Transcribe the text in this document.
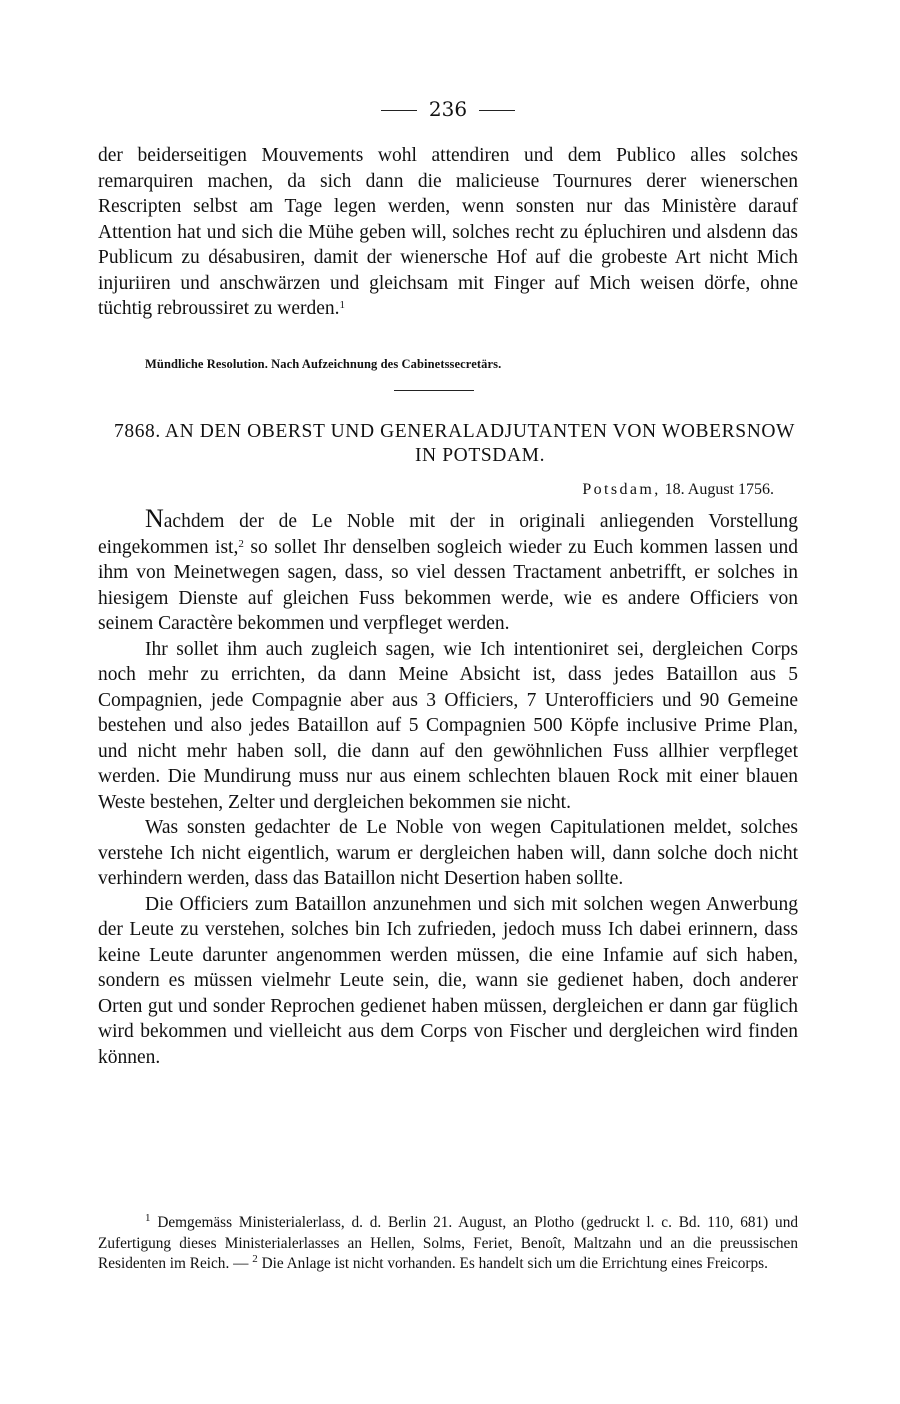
236

der beiderseitigen Mouvements wohl attendiren und dem Publico alles solches remarquiren machen, da sich dann die malicieuse Tournures derer wienerschen Rescripten selbst am Tage legen werden, wenn sonsten nur das Ministère darauf Attention hat und sich die Mühe geben will, solches recht zu épluchiren und alsdenn das Publicum zu désabusiren, damit der wienersche Hof auf die grobeste Art nicht Mich injuriiren und anschwärzen und gleichsam mit Finger auf Mich weisen dörfe, ohne tüchtig rebroussiret zu werden.$^1$

Mündliche Resolution. Nach Aufzeichnung des Cabinetssecretärs.
7868. AN DEN OBERST UND GENERALADJUTANTEN VON WOBERSNOW IN POTSDAM.
Potsdam, 18. August 1756.

Nachdem der de Le Noble mit der in originali anliegenden Vorstellung eingekommen ist,$^2$ so sollet Ihr denselben sogleich wieder zu Euch kommen lassen und ihm von Meinetwegen sagen, dass, so viel dessen Tractament anbetrifft, er solches in hiesigem Dienste auf gleichen Fuss bekommen werde, wie es andere Officiers von seinem Caractère bekommen und verpfleget werden.

Ihr sollet ihm auch zugleich sagen, wie Ich intentioniret sei, dergleichen Corps noch mehr zu errichten, da dann Meine Absicht ist, dass jedes Bataillon aus 5 Compagnien, jede Compagnie aber aus 3 Officiers, 7 Unterofficiers und 90 Gemeine bestehen und also jedes Bataillon auf 5 Compagnien 500 Köpfe inclusive Prime Plan, und nicht mehr haben soll, die dann auf den gewöhnlichen Fuss allhier verpfleget werden. Die Mundirung muss nur aus einem schlechten blauen Rock mit einer blauen Weste bestehen, Zelter und dergleichen bekommen sie nicht.

Was sonsten gedachter de Le Noble von wegen Capitulationen meldet, solches verstehe Ich nicht eigentlich, warum er dergleichen haben will, dann solche doch nicht verhindern werden, dass das Bataillon nicht Desertion haben sollte.

Die Officiers zum Bataillon anzunehmen und sich mit solchen wegen Anwerbung der Leute zu verstehen, solches bin Ich zufrieden, jedoch muss Ich dabei erinnern, dass keine Leute darunter angenommen werden müssen, die eine Infamie auf sich haben, sondern es müssen vielmehr Leute sein, die, wann sie gedienet haben, doch anderer Orten gut und sonder Reprochen gedienet haben müssen, dergleichen er dann gar füglich wird bekommen und vielleicht aus dem Corps von Fischer und dergleichen wird finden können.

$^1$ Demgemäss Ministerialerlass, d. d. Berlin 21. August, an Plotho (gedruckt l. c. Bd. 110, 681) und Zufertigung dieses Ministerialerlasses an Hellen, Solms, Feriet, Benoît, Maltzahn und an die preussischen Residenten im Reich. — $^2$ Die Anlage ist nicht vorhanden. Es handelt sich um die Errichtung eines Freicorps.
